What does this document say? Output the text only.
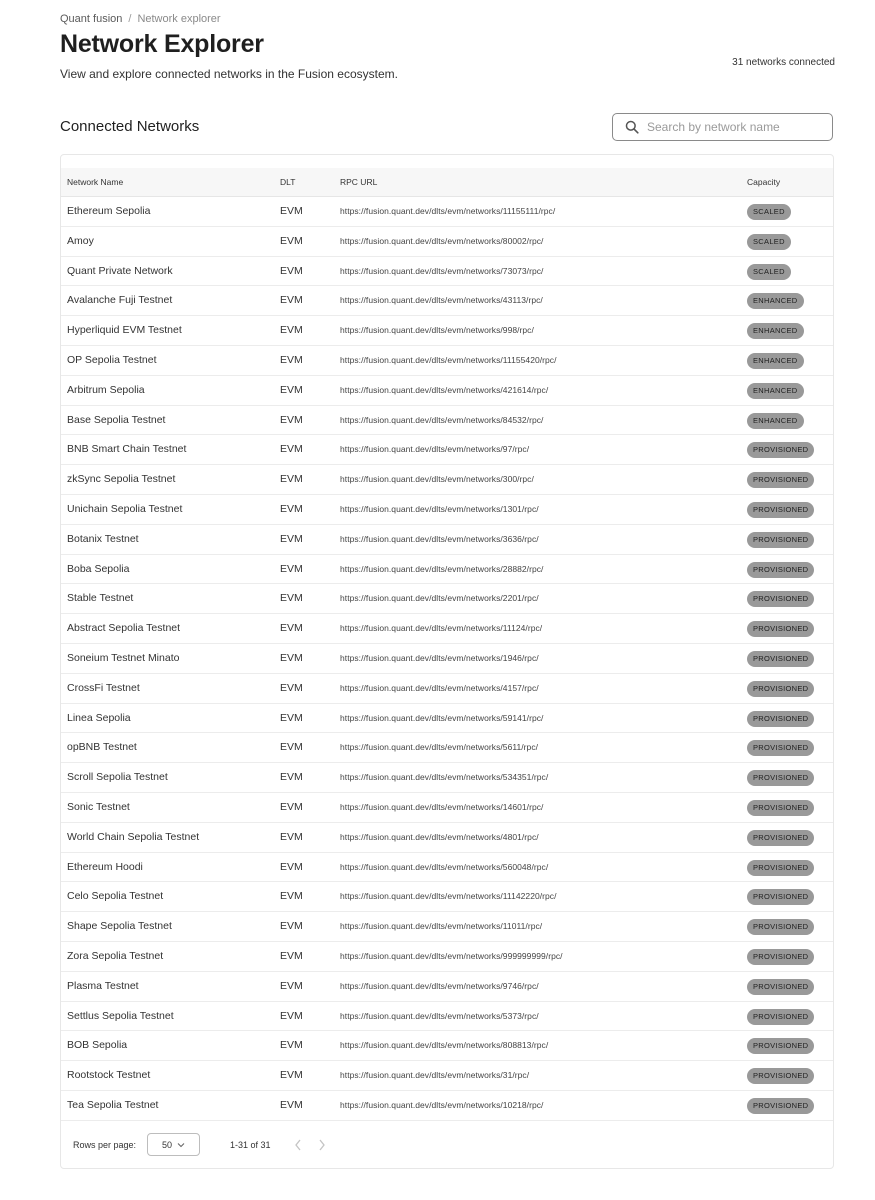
Quant fusion / Network explorer
Network Explorer
View and explore connected networks in the Fusion ecosystem.
31 networks connected
Connected Networks
Search by network name
Network Name	DLT	RPC URL	Capacity
Ethereum Sepolia	EVM	https://fusion.quant.dev/dlts/evm/networks/11155111/rpc/	SCALED
Amoy	EVM	https://fusion.quant.dev/dlts/evm/networks/80002/rpc/	SCALED
Quant Private Network	EVM	https://fusion.quant.dev/dlts/evm/networks/73073/rpc/	SCALED
Avalanche Fuji Testnet	EVM	https://fusion.quant.dev/dlts/evm/networks/43113/rpc/	ENHANCED
Hyperliquid EVM Testnet	EVM	https://fusion.quant.dev/dlts/evm/networks/998/rpc/	ENHANCED
OP Sepolia Testnet	EVM	https://fusion.quant.dev/dlts/evm/networks/11155420/rpc/	ENHANCED
Arbitrum Sepolia	EVM	https://fusion.quant.dev/dlts/evm/networks/421614/rpc/	ENHANCED
Base Sepolia Testnet	EVM	https://fusion.quant.dev/dlts/evm/networks/84532/rpc/	ENHANCED
BNB Smart Chain Testnet	EVM	https://fusion.quant.dev/dlts/evm/networks/97/rpc/	PROVISIONED
zkSync Sepolia Testnet	EVM	https://fusion.quant.dev/dlts/evm/networks/300/rpc/	PROVISIONED
Unichain Sepolia Testnet	EVM	https://fusion.quant.dev/dlts/evm/networks/1301/rpc/	PROVISIONED
Botanix Testnet	EVM	https://fusion.quant.dev/dlts/evm/networks/3636/rpc/	PROVISIONED
Boba Sepolia	EVM	https://fusion.quant.dev/dlts/evm/networks/28882/rpc/	PROVISIONED
Stable Testnet	EVM	https://fusion.quant.dev/dlts/evm/networks/2201/rpc/	PROVISIONED
Abstract Sepolia Testnet	EVM	https://fusion.quant.dev/dlts/evm/networks/11124/rpc/	PROVISIONED
Soneium Testnet Minato	EVM	https://fusion.quant.dev/dlts/evm/networks/1946/rpc/	PROVISIONED
CrossFi Testnet	EVM	https://fusion.quant.dev/dlts/evm/networks/4157/rpc/	PROVISIONED
Linea Sepolia	EVM	https://fusion.quant.dev/dlts/evm/networks/59141/rpc/	PROVISIONED
opBNB Testnet	EVM	https://fusion.quant.dev/dlts/evm/networks/5611/rpc/	PROVISIONED
Scroll Sepolia Testnet	EVM	https://fusion.quant.dev/dlts/evm/networks/534351/rpc/	PROVISIONED
Sonic Testnet	EVM	https://fusion.quant.dev/dlts/evm/networks/14601/rpc/	PROVISIONED
World Chain Sepolia Testnet	EVM	https://fusion.quant.dev/dlts/evm/networks/4801/rpc/	PROVISIONED
Ethereum Hoodi	EVM	https://fusion.quant.dev/dlts/evm/networks/560048/rpc/	PROVISIONED
Celo Sepolia Testnet	EVM	https://fusion.quant.dev/dlts/evm/networks/11142220/rpc/	PROVISIONED
Shape Sepolia Testnet	EVM	https://fusion.quant.dev/dlts/evm/networks/11011/rpc/	PROVISIONED
Zora Sepolia Testnet	EVM	https://fusion.quant.dev/dlts/evm/networks/999999999/rpc/	PROVISIONED
Plasma Testnet	EVM	https://fusion.quant.dev/dlts/evm/networks/9746/rpc/	PROVISIONED
Settlus Sepolia Testnet	EVM	https://fusion.quant.dev/dlts/evm/networks/5373/rpc/	PROVISIONED
BOB Sepolia	EVM	https://fusion.quant.dev/dlts/evm/networks/808813/rpc/	PROVISIONED
Rootstock Testnet	EVM	https://fusion.quant.dev/dlts/evm/networks/31/rpc/	PROVISIONED
Tea Sepolia Testnet	EVM	https://fusion.quant.dev/dlts/evm/networks/10218/rpc/	PROVISIONED
Rows per page:	50	1-31 of 31
